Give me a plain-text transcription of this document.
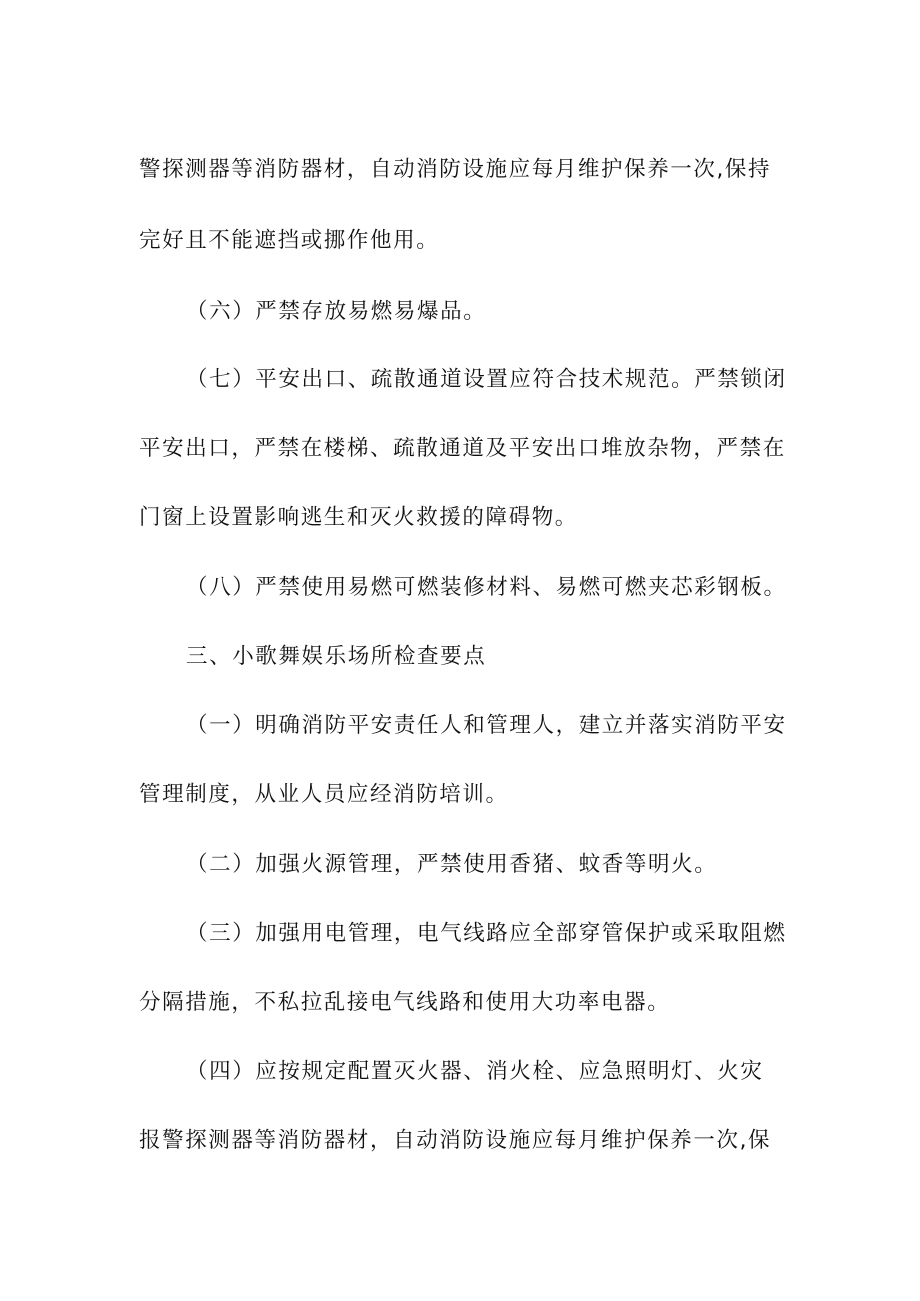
警探测器等消防器材，自动消防设施应每月维护保养一次,保持
完好且不能遮挡或挪作他用。
（六）严禁存放易燃易爆品。
（七）平安出口、疏散通道设置应符合技术规范。严禁锁闭
平安出口，严禁在楼梯、疏散通道及平安出口堆放杂物，严禁在
门窗上设置影响逃生和灭火救援的障碍物。
（八）严禁使用易燃可燃装修材料、易燃可燃夹芯彩钢板。
三、小歌舞娱乐场所检查要点
（一）明确消防平安责任人和管理人，建立并落实消防平安
管理制度，从业人员应经消防培训。
（二）加强火源管理，严禁使用香猪、蚊香等明火。
（三）加强用电管理，电气线路应全部穿管保护或采取阻燃
分隔措施，不私拉乱接电气线路和使用大功率电器。
（四）应按规定配置灭火器、消火栓、应急照明灯、火灾
报警探测器等消防器材，自动消防设施应每月维护保养一次,保
